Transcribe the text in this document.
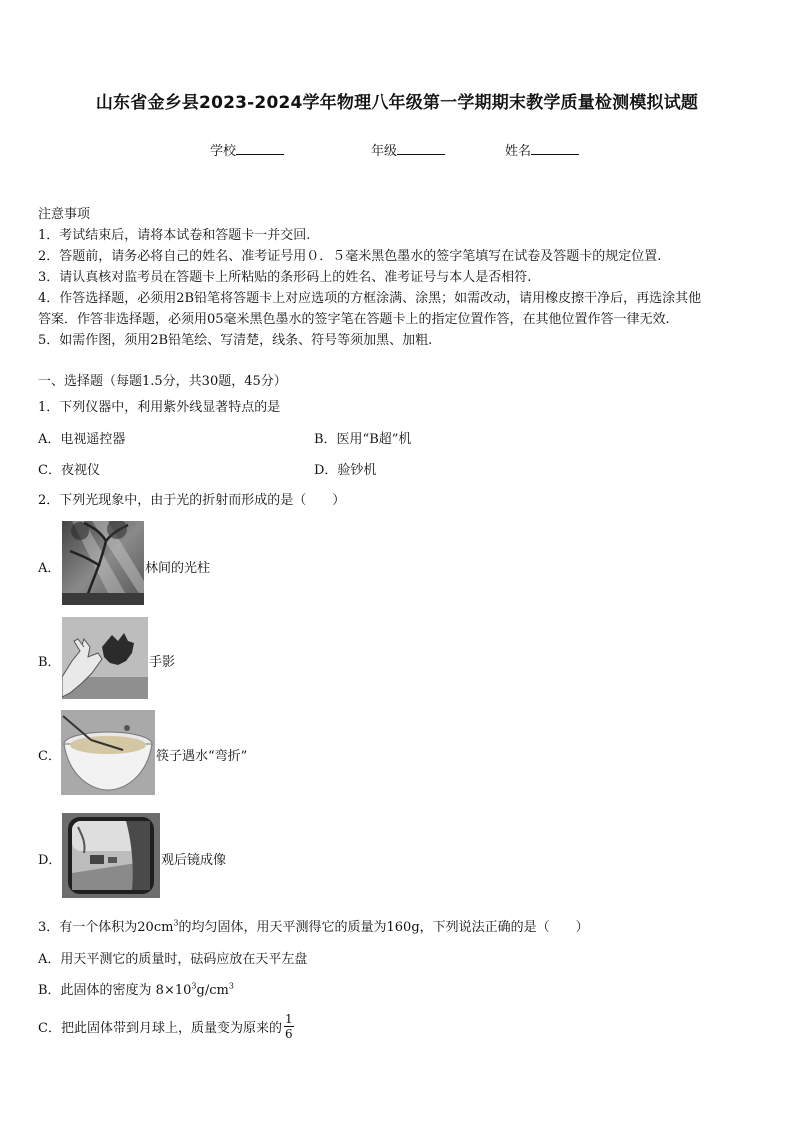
山东省金乡县2023-2024学年物理八年级第一学期期末教学质量检测模拟试题
学校	年级	姓名
注意事项
1．考试结束后，请将本试卷和答题卡一并交回.
2．答题前，请务必将自己的姓名、准考证号用０．５毫米黑色墨水的签字笔填写在试卷及答题卡的规定位置.
3．请认真核对监考员在答题卡上所粘贴的条形码上的姓名、准考证号与本人是否相符.
4．作答选择题，必须用2B铅笔将答题卡上对应选项的方框涂满、涂黑；如需改动，请用橡皮擦干净后，再选涂其他
答案．作答非选择题，必须用05毫米黑色墨水的签字笔在答题卡上的指定位置作答，在其他位置作答一律无效.
5．如需作图，须用2B铅笔绘、写清楚，线条、符号等须加黑、加粗.
一、选择题（每题1.5分，共30题，45分）
1．下列仪器中，利用紫外线显著特点的是
A．电视遥控器	B．医用“B超”机
C．夜视仪	D．验钞机
2．下列光现象中，由于光的折射而形成的是（　　）
A．	林间的光柱
B．	手影
C．	筷子遇水“弯折”
D．	观后镜成像
3．有一个体积为$20cm^3$的均匀固体，用天平测得它的质量为160g，下列说法正确的是（　　）
A．用天平测它的质量时，砝码应放在天平左盘
B．此固体的密度为 $8\times 10^3g/cm^3$
C．把此固体带到月球上，质量变为原来的 $\frac{1}{6}$
